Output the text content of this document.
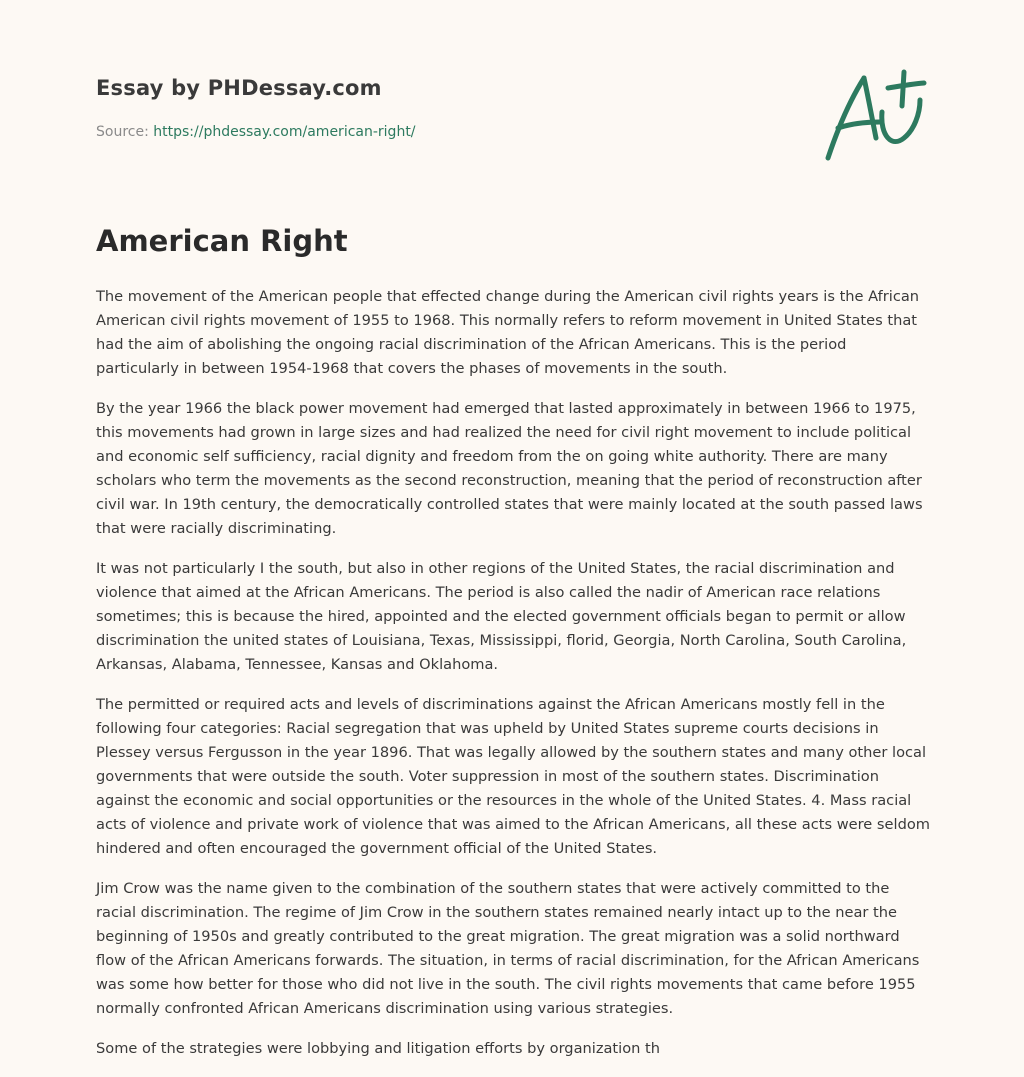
Essay by PHDessay.com
Source: https://phdessay.com/american-right/
American Right

The movement of the American people that effected change during the American civil rights years is the African American civil rights movement of 1955 to 1968. This normally refers to reform movement in United States that had the aim of abolishing the ongoing racial discrimination of the African Americans. This is the period particularly in between 1954-1968 that covers the phases of movements in the south.

By the year 1966 the black power movement had emerged that lasted approximately in between 1966 to 1975, this movements had grown in large sizes and had realized the need for civil right movement to include political and economic self sufficiency, racial dignity and freedom from the on going white authority. There are many scholars who term the movements as the second reconstruction, meaning that the period of reconstruction after civil war. In 19th century, the democratically controlled states that were mainly located at the south passed laws that were racially discriminating.

It was not particularly I the south, but also in other regions of the United States, the racial discrimination and violence that aimed at the African Americans. The period is also called the nadir of American race relations sometimes; this is because the hired, appointed and the elected government officials began to permit or allow discrimination the united states of Louisiana, Texas, Mississippi, florid, Georgia, North Carolina, South Carolina, Arkansas, Alabama, Tennessee, Kansas and Oklahoma.

The permitted or required acts and levels of discriminations against the African Americans mostly fell in the following four categories: Racial segregation that was upheld by United States supreme courts decisions in Plessey versus Fergusson in the year 1896. That was legally allowed by the southern states and many other local governments that were outside the south. Voter suppression in most of the southern states. Discrimination against the economic and social opportunities or the resources in the whole of the United States. 4. Mass racial acts of violence and private work of violence that was aimed to the African Americans, all these acts were seldom hindered and often encouraged the government official of the United States.

Jim Crow was the name given to the combination of the southern states that were actively committed to the racial discrimination. The regime of Jim Crow in the southern states remained nearly intact up to the near the beginning of 1950s and greatly contributed to the great migration. The great migration was a solid northward flow of the African Americans forwards. The situation, in terms of racial discrimination, for the African Americans was some how better for those who did not live in the south. The civil rights movements that came before 1955 normally confronted African Americans discrimination using various strategies.

Some of the strategies were lobbying and litigation efforts by organization th
